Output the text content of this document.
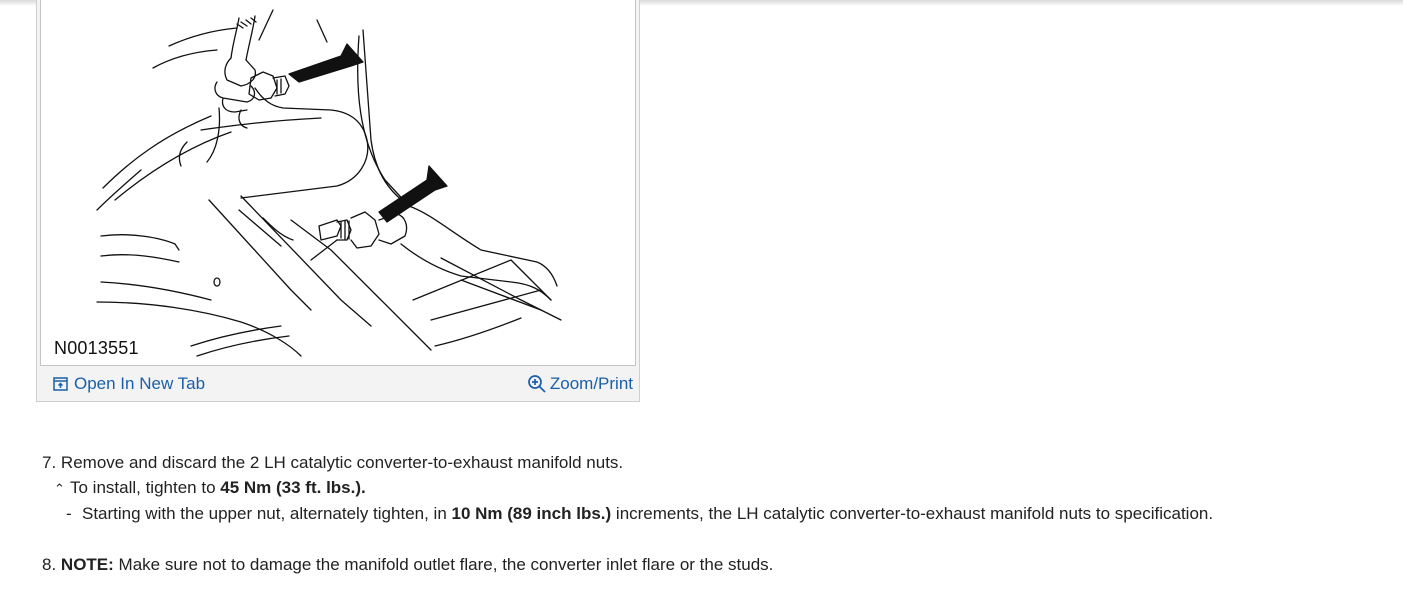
N0013551
Open In New Tab	Zoom/Print
7. Remove and discard the 2 LH catalytic converter-to-exhaust manifold nuts.
⌃ To install, tighten to 45 Nm (33 ft. lbs.).
- Starting with the upper nut, alternately tighten, in 10 Nm (89 inch lbs.) increments, the LH catalytic converter-to-exhaust manifold nuts to specification.
8. NOTE: Make sure not to damage the manifold outlet flare, the converter inlet flare or the studs.
